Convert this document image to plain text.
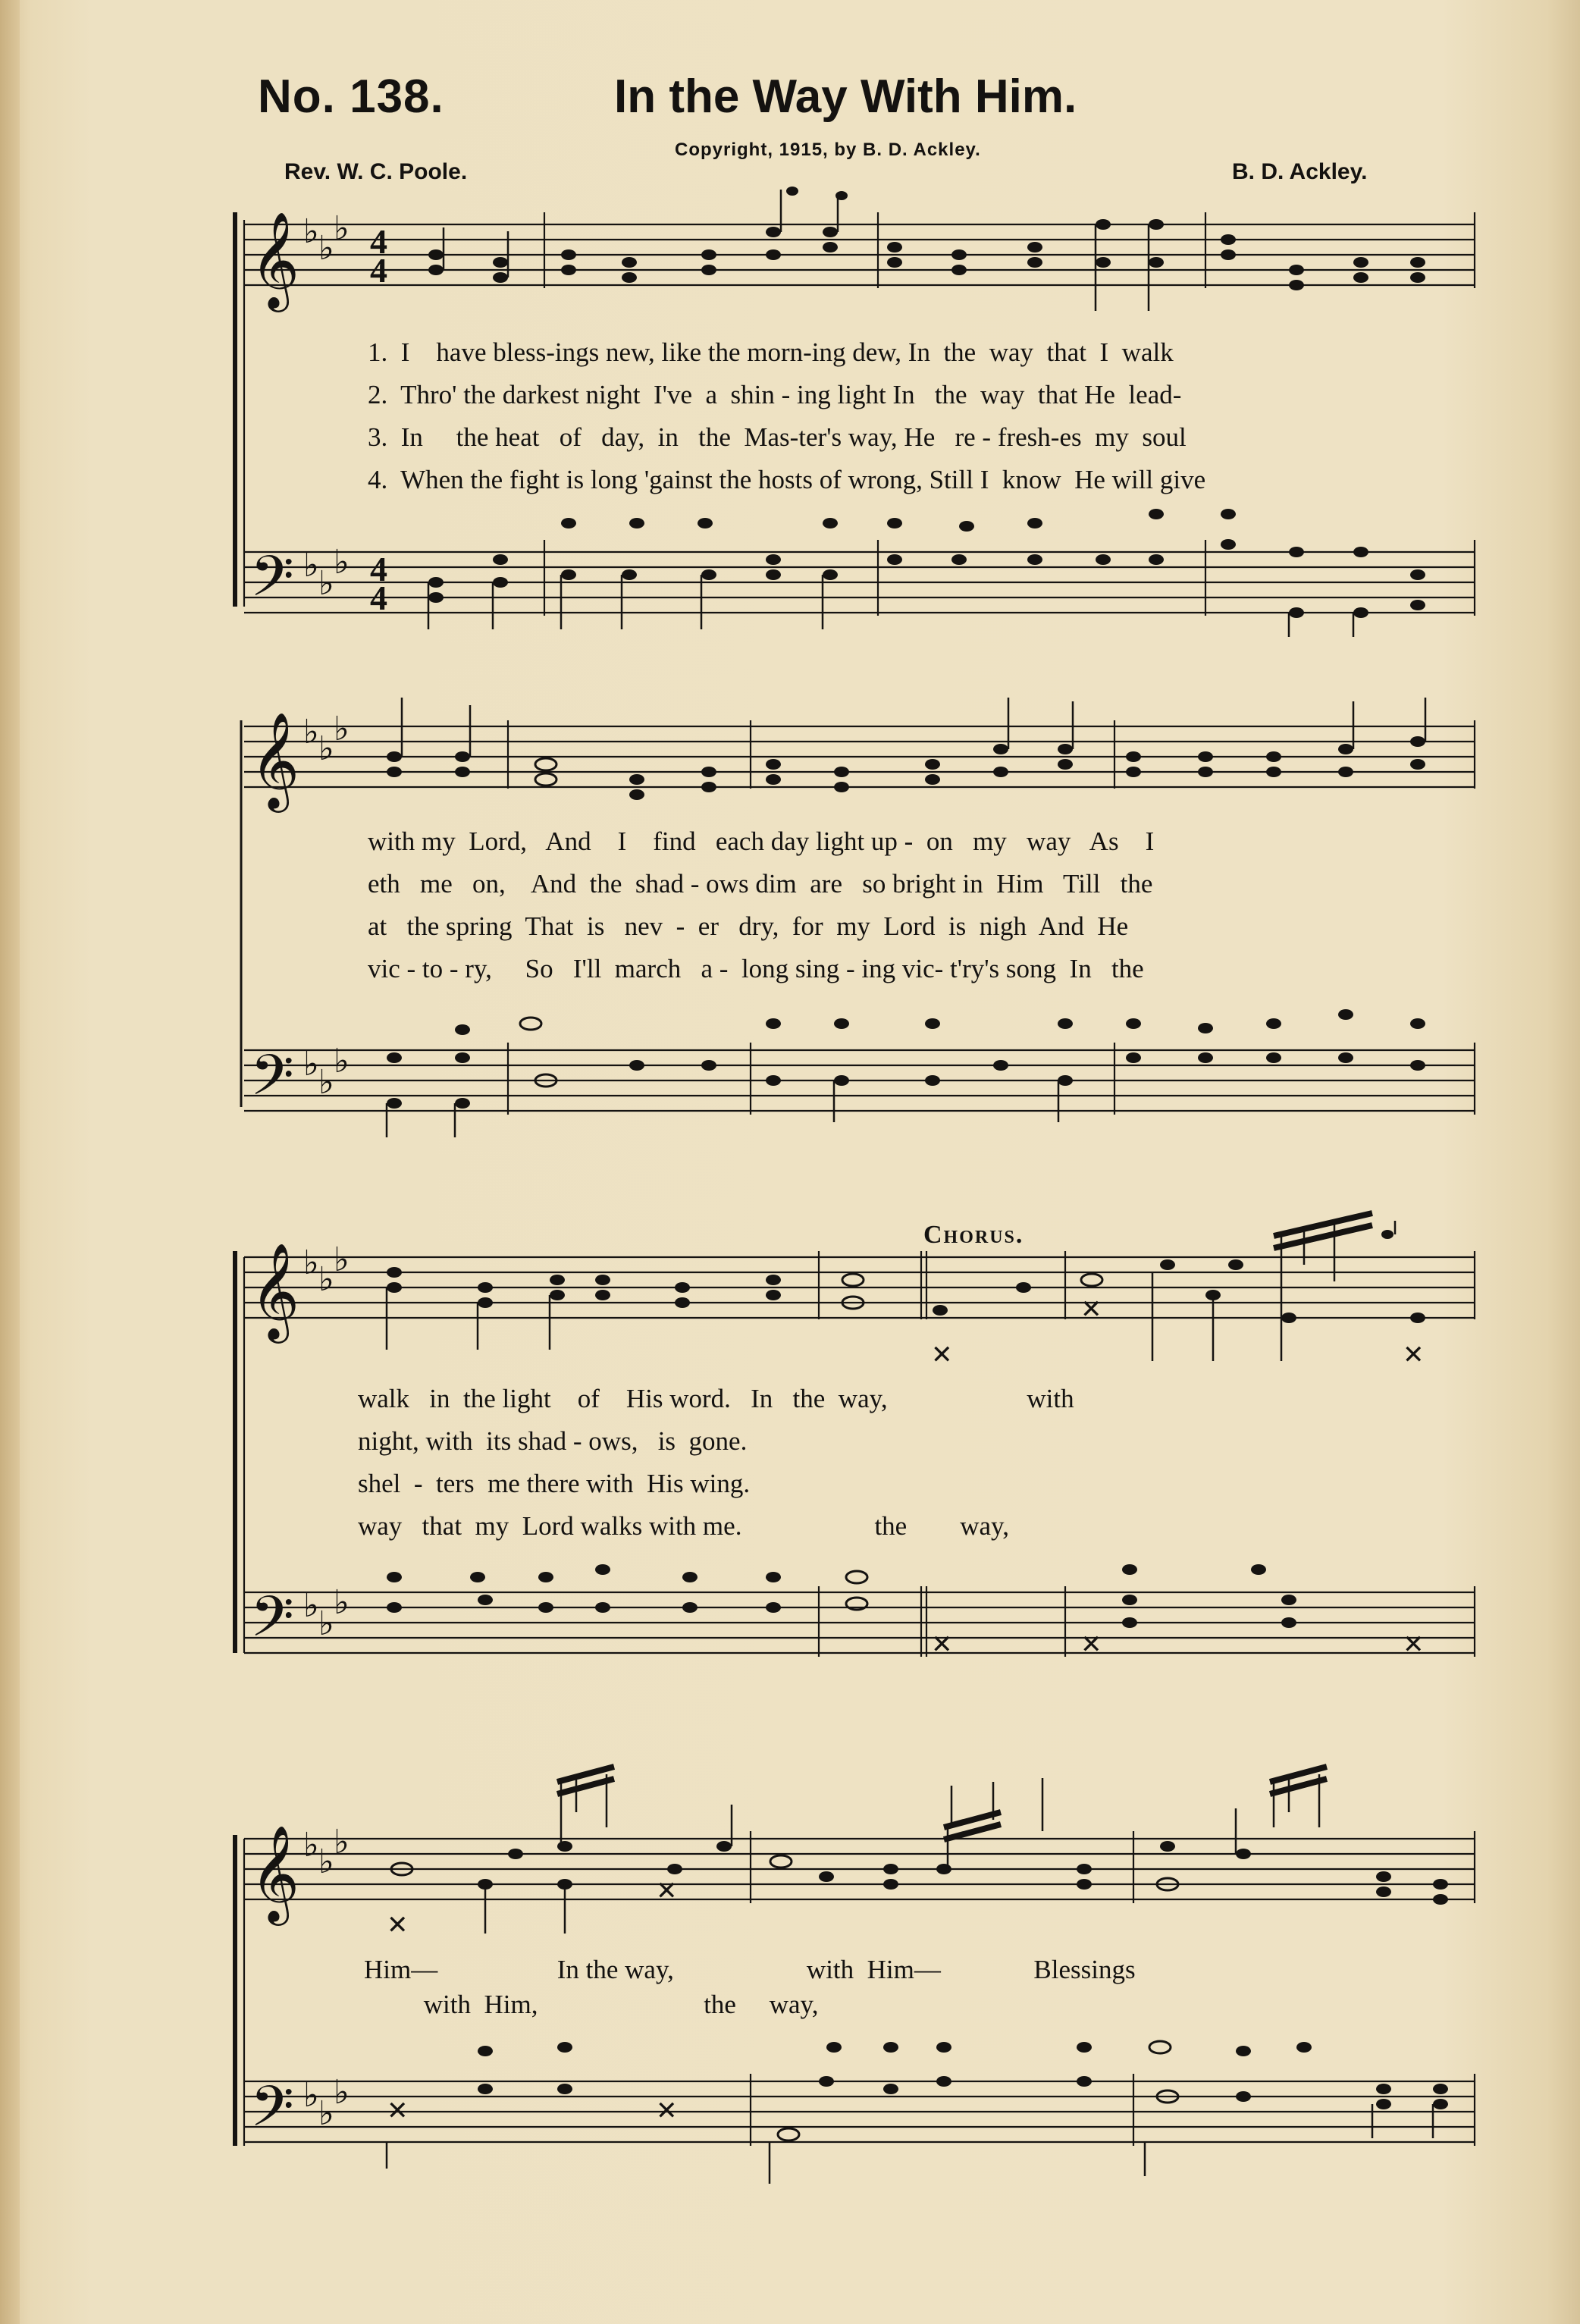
No. 138.	In the Way With Him.
Copyright, 1915, by B. D. Ackley.
Rev. W. C. Poole.	B. D. Ackley.
𝄞
𝄢
♭ ♭
♭
♭ ♭
♭
4
4
4
4
1.  I    have bless-ings new, like the morn-ing dew, In  the  way  that  I  walk
2.  Thro' the darkest night  I've  a  shin - ing light In   the  way  that He  lead-
3.  In     the heat   of   day,  in   the  Mas-ter's way, He   re - fresh-es  my  soul
4.  When the fight is long 'gainst the hosts of wrong, Still I  know  He will give
𝄞
𝄢
♭ ♭
♭
♭ ♭
♭
with my  Lord,   And    I    find   each day light up -  on   my   way   As    I
eth   me   on,    And  the  shad - ows dim  are   so bright in  Him   Till   the
at   the spring  That  is   nev  -  er   dry,  for  my  Lord  is  nigh  And  He
vic - to - ry,     So   I'll  march   a -  long sing - ing vic- t'ry's song  In   the
𝄞
𝄢
♭ ♭
♭
♭ ♭
♭
✕
✕
✕
✕	✕	✕
Chorus.
walk   in  the light    of    His word.   In   the  way,                     with
night, with  its shad - ows,   is  gone.
shel  -  ters  me there with  His wing.
way   that  my  Lord walks with me.                    the        way,
𝄞
𝄢
♭ ♭
♭
♭ ♭
♭
✕
✕
✕	✕
Him—                  In the way,                    with  Him—              Blessings
with  Him,                         the     way,
